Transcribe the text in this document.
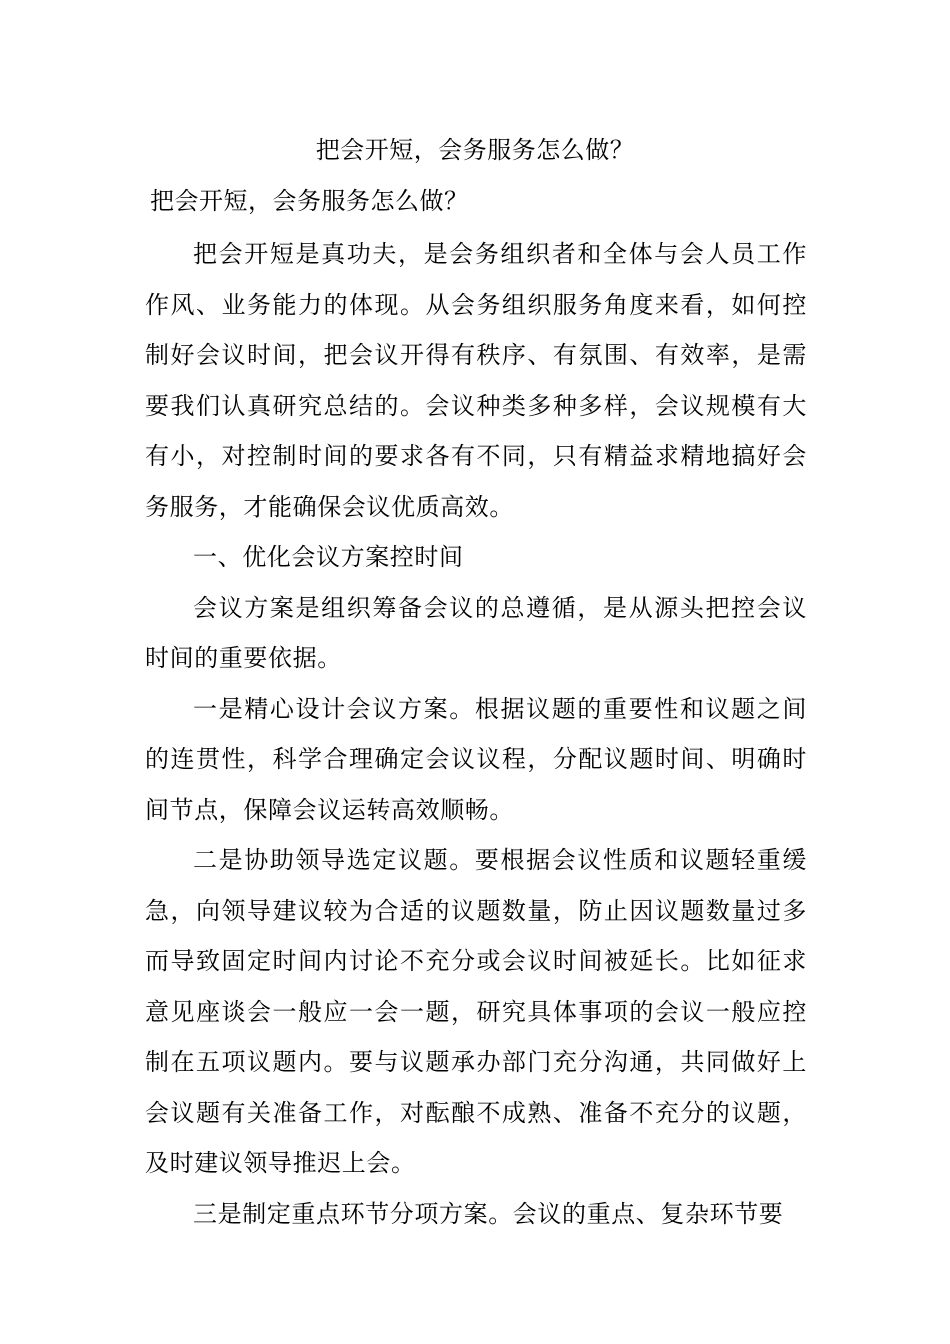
把会开短，会务服务怎么做？
把会开短，会务服务怎么做？

把会开短是真功夫，是会务组织者和全体与会人员工作作风、业务能力的体现。从会务组织服务角度来看，如何控制好会议时间，把会议开得有秩序、有氛围、有效率，是需要我们认真研究总结的。会议种类多种多样，会议规模有大有小，对控制时间的要求各有不同，只有精益求精地搞好会务服务，才能确保会议优质高效。

一、优化会议方案控时间

会议方案是组织筹备会议的总遵循，是从源头把控会议时间的重要依据。

一是精心设计会议方案。根据议题的重要性和议题之间的连贯性，科学合理确定会议议程，分配议题时间、明确时间节点，保障会议运转高效顺畅。

二是协助领导选定议题。要根据会议性质和议题轻重缓急，向领导建议较为合适的议题数量，防止因议题数量过多而导致固定时间内讨论不充分或会议时间被延长。比如征求意见座谈会一般应一会一题，研究具体事项的会议一般应控制在五项议题内。要与议题承办部门充分沟通，共同做好上会议题有关准备工作，对酝酿不成熟、准备不充分的议题，及时建议领导推迟上会。

三是制定重点环节分项方案。会议的重点、复杂环节要
